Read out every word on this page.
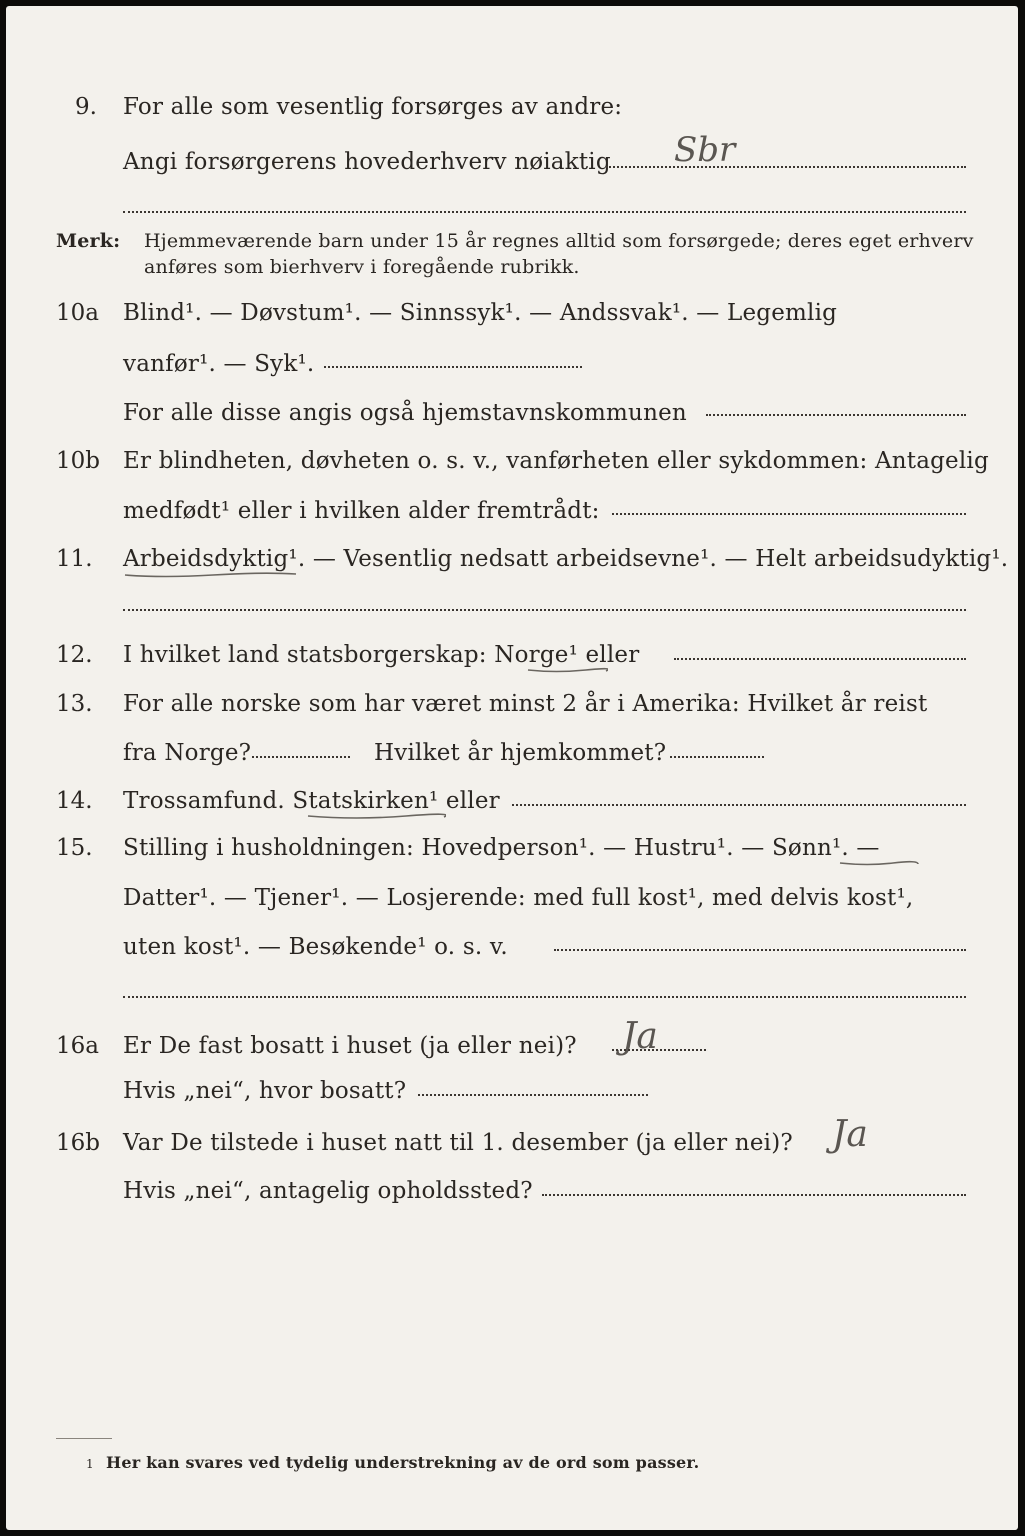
9. For alle som vesentlig forsørges av andre:
Angi forsørgerens hovederhverv nøiaktig Sbr
Merk: Hjemmeværende barn under 15 år regnes alltid som forsørgede; deres eget erhverv
anføres som bierhverv i foregående rubrikk.
10a Blind¹. — Døvstum¹. — Sinnssyk¹. — Andssvak¹. — Legemlig
vanfør¹. — Syk¹.
For alle disse angis også hjemstavnskommunen
10b Er blindheten, døvheten o. s. v., vanførheten eller sykdommen: Antagelig
medfødt¹ eller i hvilken alder fremtrådt:
11. Arbeidsdyktig¹. — Vesentlig nedsatt arbeidsevne¹. — Helt arbeidsudyktig¹.
12. I hvilket land statsborgerskap: Norge¹ eller
13. For alle norske som har været minst 2 år i Amerika: Hvilket år reist
fra Norge?	Hvilket år hjemkommet?
14. Trossamfund. Statskirken¹ eller
15. Stilling i husholdningen: Hovedperson¹. — Hustru¹. — Sønn¹. —
Datter¹. — Tjener¹. — Losjerende: med full kost¹, med delvis kost¹,
uten kost¹. — Besøkende¹ o. s. v.
16a Er De fast bosatt i huset (ja eller nei)? Ja
Hvis „nei“, hvor bosatt?
16b Var De tilstede i huset natt til 1. desember (ja eller nei)? Ja
Hvis „nei“, antagelig opholdssted?
1 Her kan svares ved tydelig understrekning av de ord som passer.
